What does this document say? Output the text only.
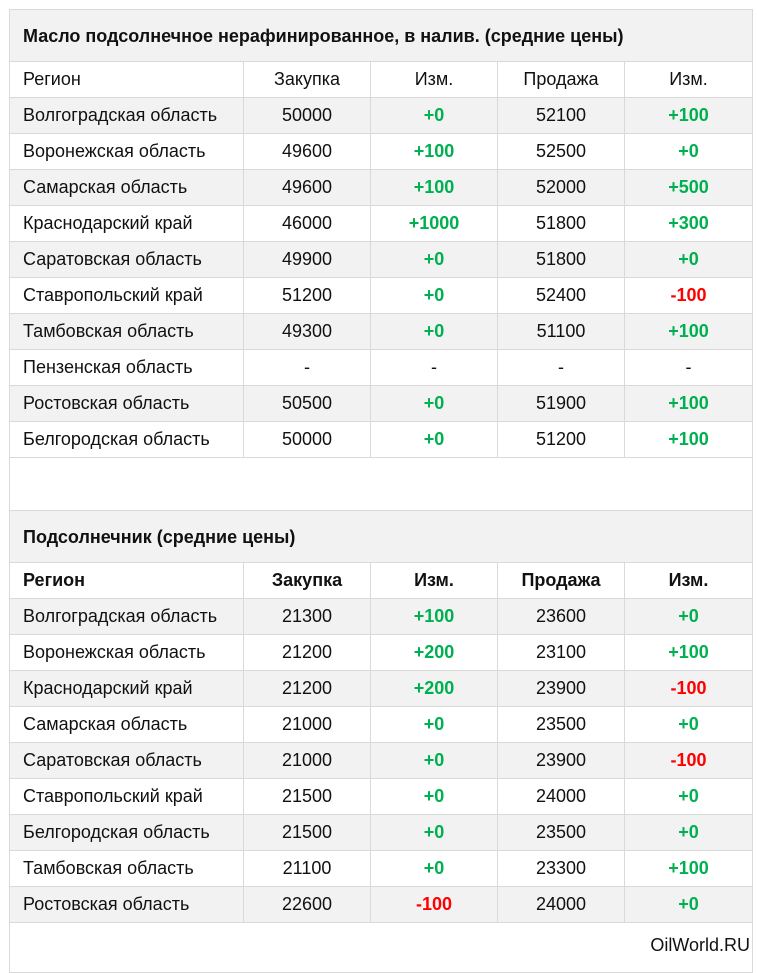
Масло подсолнечное нерафинированное, в налив. (средние цены)
Регион	Закупка	Изм.	Продажа	Изм.
Волгоградская область	50000	+0	52100	+100
Воронежская область	49600	+100	52500	+0
Самарская область	49600	+100	52000	+500
Краснодарский край	46000	+1000	51800	+300
Саратовская область	49900	+0	51800	+0
Ставропольский край	51200	+0	52400	-100
Тамбовская область	49300	+0	51100	+100
Пензенская область	-	-	-	-
Ростовская область	50500	+0	51900	+100
Белгородская область	50000	+0	51200	+100
Подсолнечник (средние цены)
Регион	Закупка	Изм.	Продажа	Изм.
Волгоградская область	21300	+100	23600	+0
Воронежская область	21200	+200	23100	+100
Краснодарский край	21200	+200	23900	-100
Самарская область	21000	+0	23500	+0
Саратовская область	21000	+0	23900	-100
Ставропольский край	21500	+0	24000	+0
Белгородская область	21500	+0	23500	+0
Тамбовская область	21100	+0	23300	+100
Ростовская область	22600	-100	24000	+0
OilWorld.RU
